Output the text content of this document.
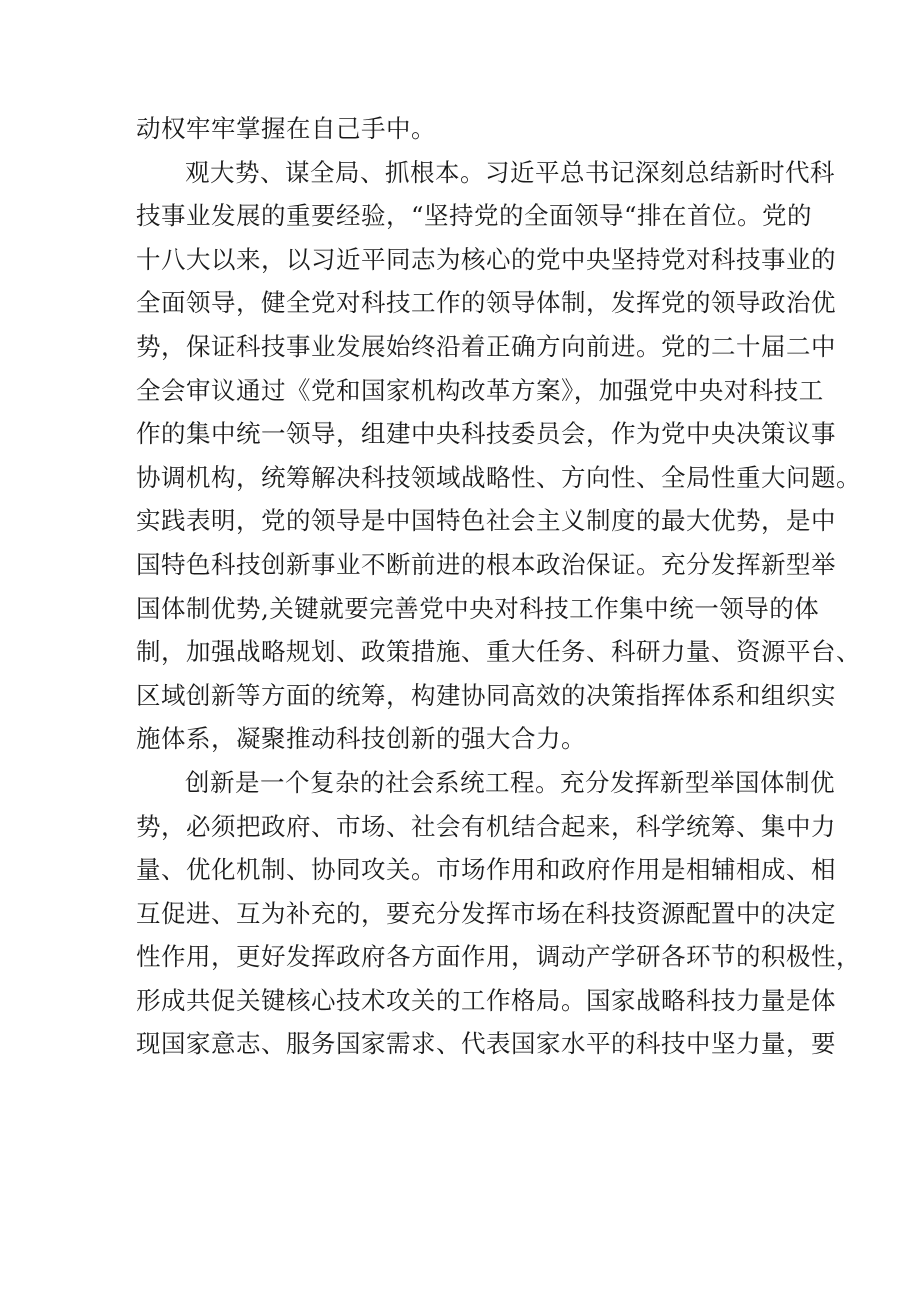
动权牢牢掌握在自己手中。
观大势、谋全局、抓根本。习近平总书记深刻总结新时代科
技事业发展的重要经验，“坚持党的全面领导“排在首位。党的
十八大以来，以习近平同志为核心的党中央坚持党对科技事业的
全面领导，健全党对科技工作的领导体制，发挥党的领导政治优
势，保证科技事业发展始终沿着正确方向前进。党的二十届二中
全会审议通过《党和国家机构改革方案》，加强党中央对科技工
作的集中统一领导，组建中央科技委员会，作为党中央决策议事
协调机构，统筹解决科技领域战略性、方向性、全局性重大问题。
实践表明，党的领导是中国特色社会主义制度的最大优势，是中
国特色科技创新事业不断前进的根本政治保证。充分发挥新型举
国体制优势,关键就要完善党中央对科技工作集中统一领导的体
制，加强战略规划、政策措施、重大任务、科研力量、资源平台、
区域创新等方面的统筹，构建协同高效的决策指挥体系和组织实
施体系，凝聚推动科技创新的强大合力。
创新是一个复杂的社会系统工程。充分发挥新型举国体制优
势，必须把政府、市场、社会有机结合起来，科学统筹、集中力
量、优化机制、协同攻关。市场作用和政府作用是相辅相成、相
互促进、互为补充的，要充分发挥市场在科技资源配置中的决定
性作用，更好发挥政府各方面作用，调动产学研各环节的积极性，
形成共促关键核心技术攻关的工作格局。国家战略科技力量是体
现国家意志、服务国家需求、代表国家水平的科技中坚力量，要
